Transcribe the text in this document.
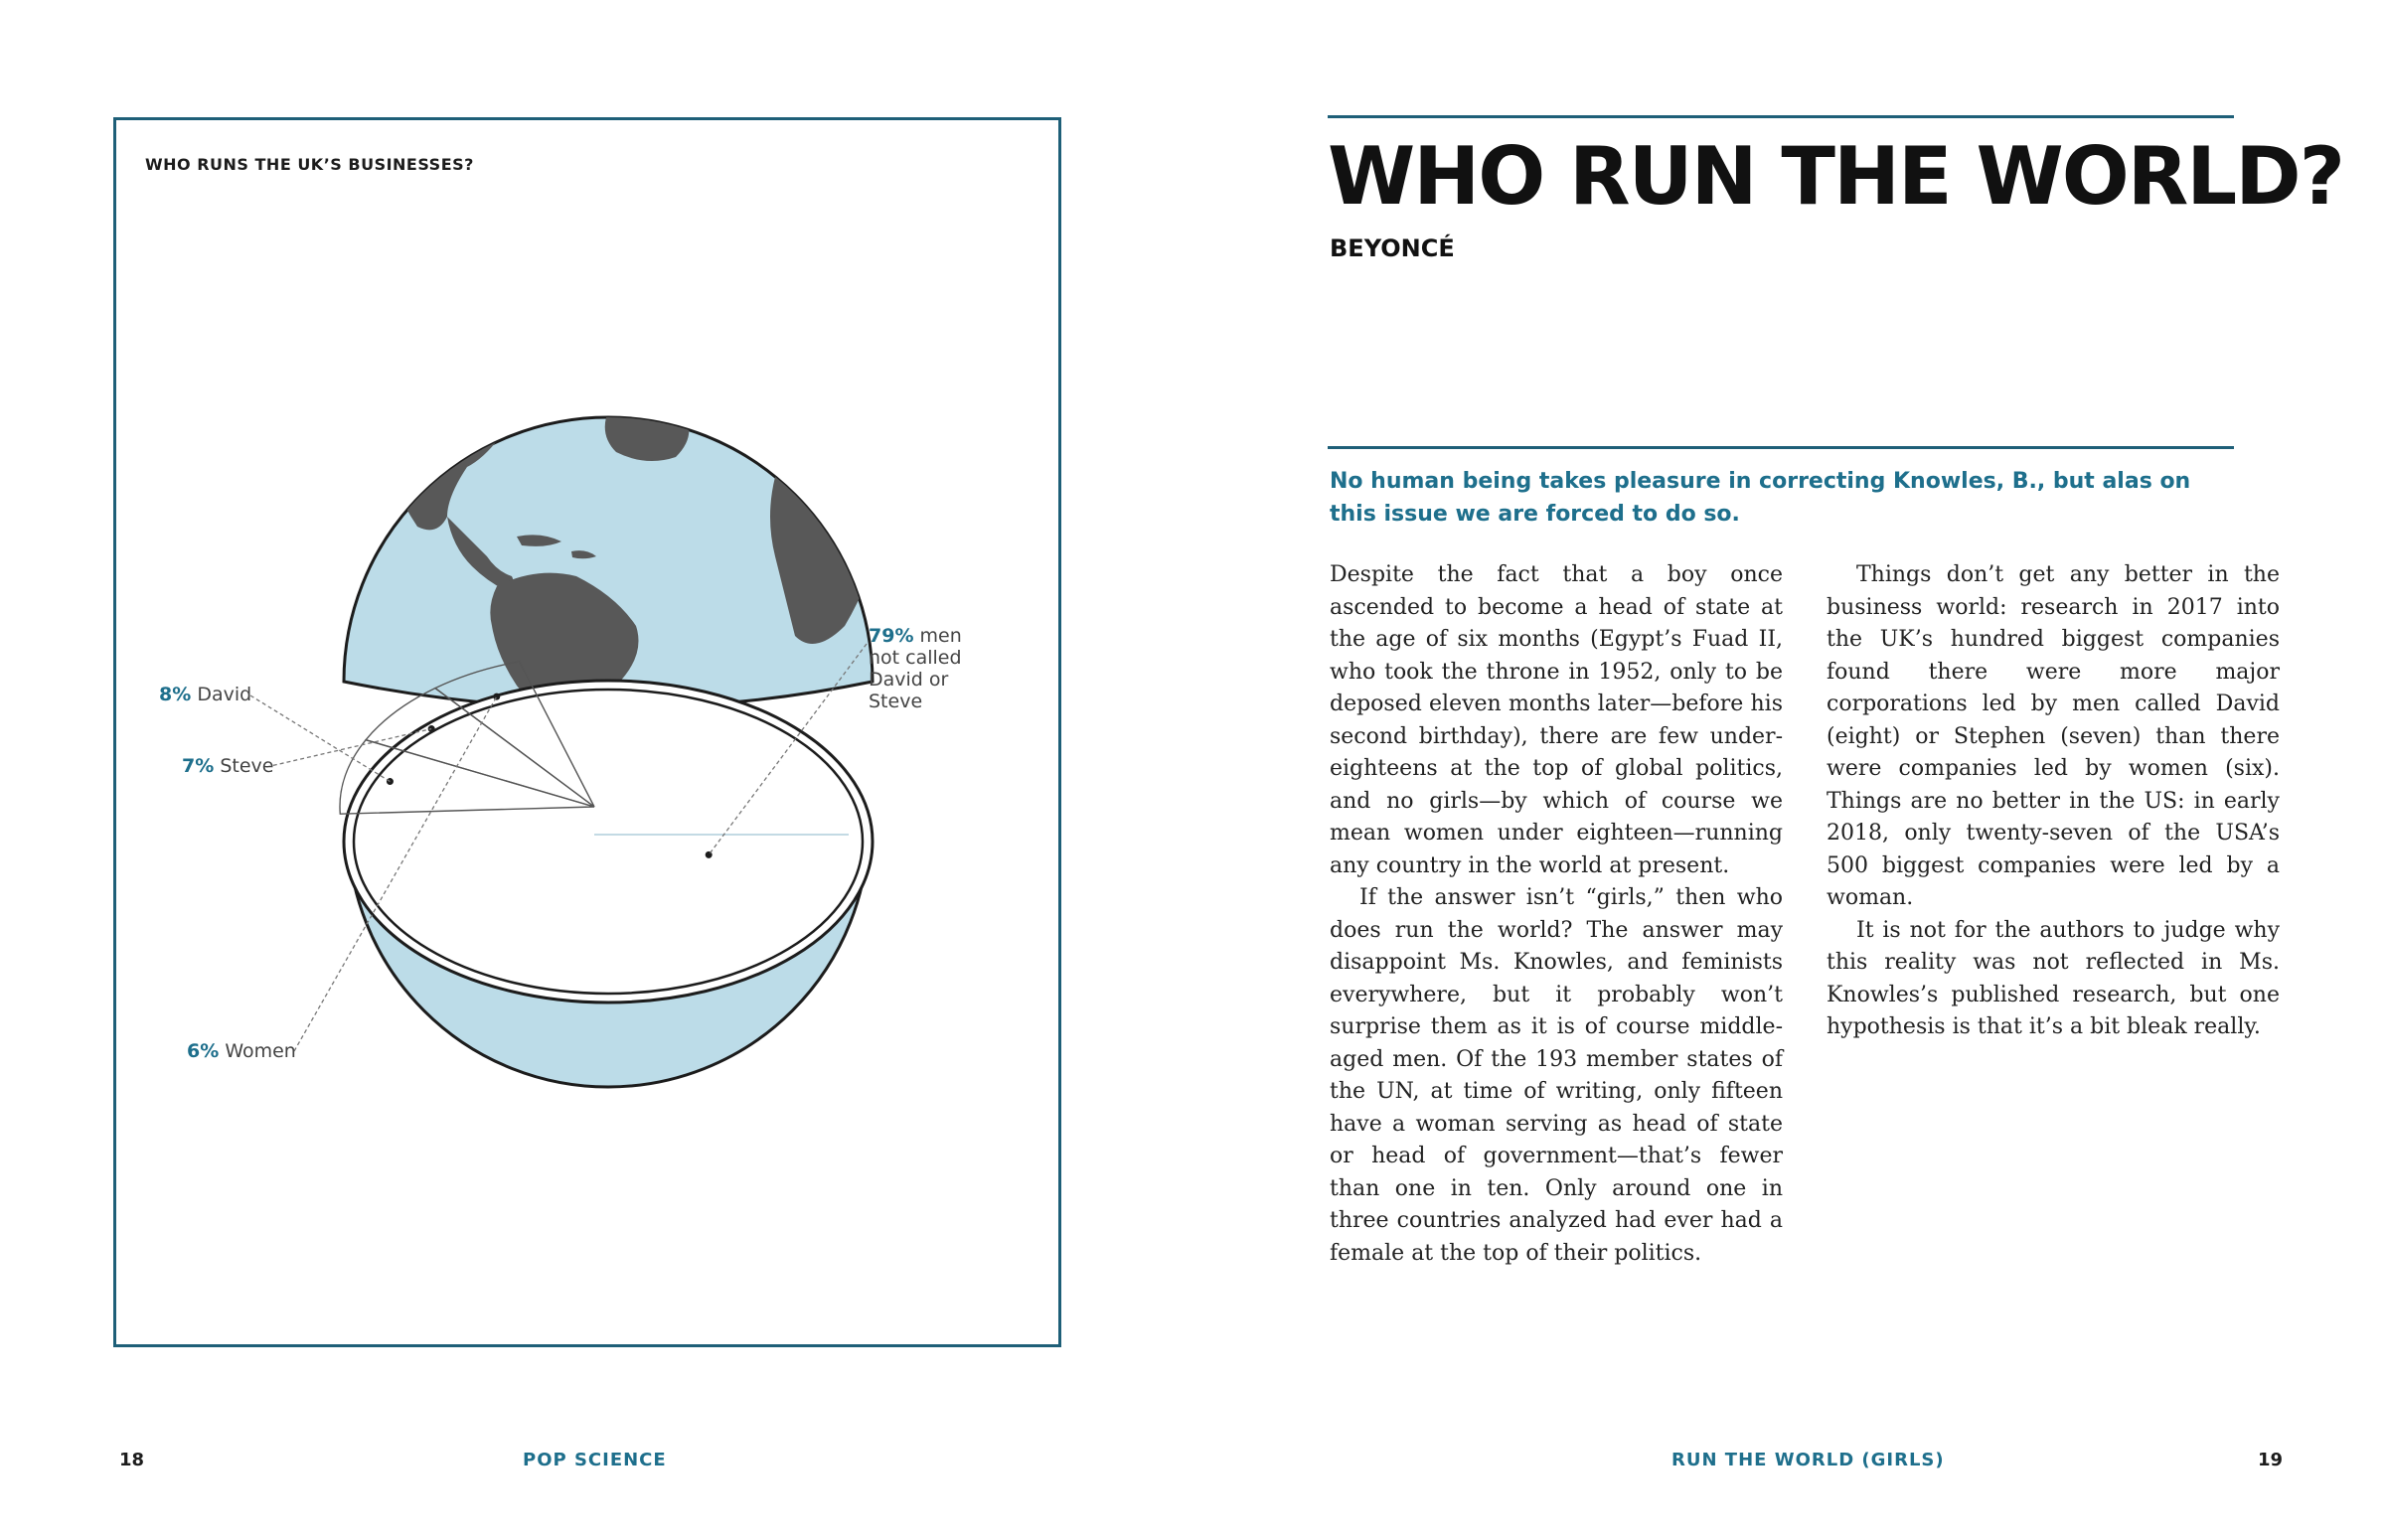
WHO RUNS THE UK’S BUSINESSES?
8% David
7% Steve
6% Women
79% men
not called
David or
Steve
WHO RUN THE WORLD?
BEYONCÉ
No human being takes pleasure in correcting Knowles, B., but alas on this issue we are forced to do so.

Despite the fact that a boy once ascended to become a head of state at the age of six months (Egypt’s Fuad II, who took the throne in 1952, only to be deposed eleven months later—before his second birthday), there are few under-eighteens at the top of global politics, and no girls—by which of course we mean women under eighteen—running any country in the world at present.

If the answer isn’t “girls,” then who does run the world? The answer may disappoint Ms. Knowles, and feminists everywhere, but it probably won’t surprise them as it is of course middle-aged men. Of the 193 member states of the UN, at time of writing, only fifteen have a woman serving as head of state or head of government—that’s fewer than one in ten. Only around one in three countries analyzed had ever had a female at the top of their politics.

Things don’t get any better in the business world: research in 2017 into the UK’s hundred biggest companies found there were more major corporations led by men called David (eight) or Stephen (seven) than there were companies led by women (six). Things are no better in the US: in early 2018, only twenty-seven of the USA’s 500 biggest companies were led by a woman.

It is not for the authors to judge why this reality was not reflected in Ms. Knowles’s published research, but one hypothesis is that it’s a bit bleak really.

18	POP SCIENCE	RUN THE WORLD (GIRLS)	19
